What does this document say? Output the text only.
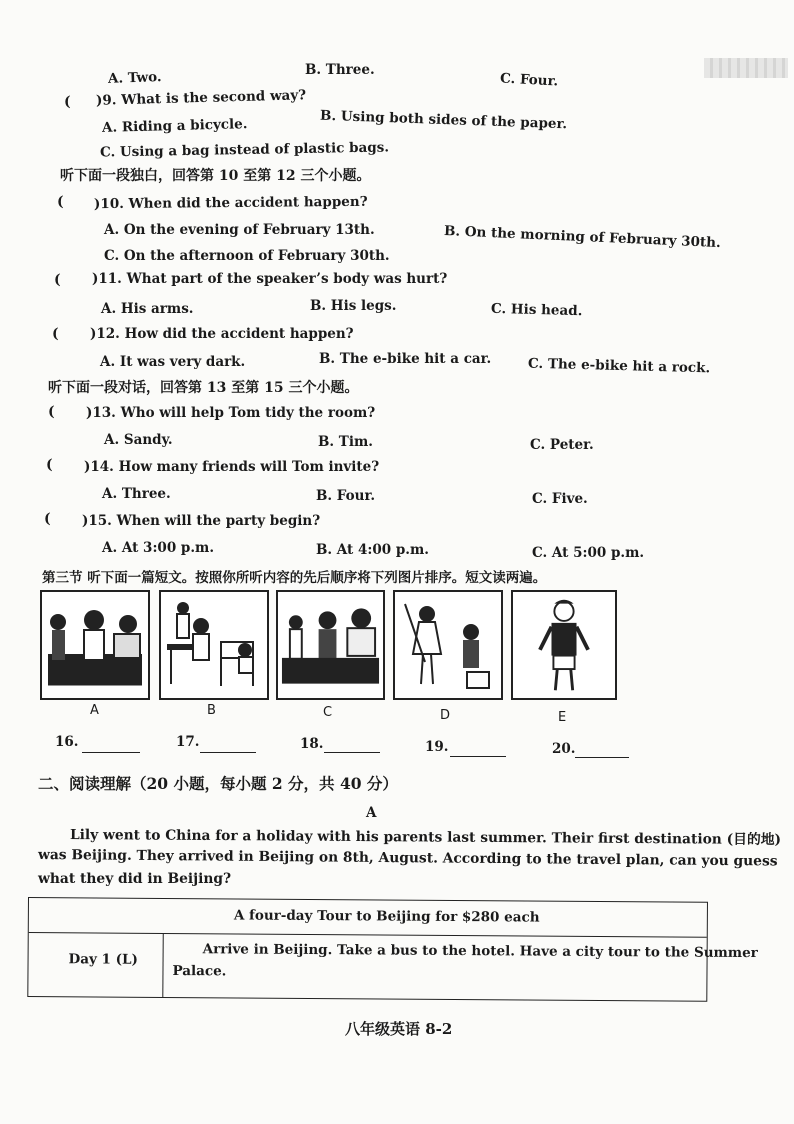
A. Two.	B. Three.
C. Four.
( )9. What is the second way?
A. Riding a bicycle.	B. Using both sides of the paper.
C. Using a bag instead of plastic bags.
听下面一段独白，回答第 10 至第 12 三个小题。
( )10. When did the accident happen?
A. On the evening of February 13th.	B. On the morning of February 30th.
C. On the afternoon of February 30th.
( )11. What part of the speaker’s body was hurt?
A. His arms.	B. His legs.	C. His head.
( )12. How did the accident happen?
A. It was very dark.	B. The e-bike hit a car.	C. The e-bike hit a rock.
听下面一段对话，回答第 13 至第 15 三个小题。
( )13. Who will help Tom tidy the room?
A. Sandy.	B. Tim.	C. Peter.
( )14. How many friends will Tom invite?
A. Three.	B. Four.	C. Five.
( )15. When will the party begin?
A. At 3:00 p.m.	B. At 4:00 p.m.	C. At 5:00 p.m.
第三节 听下面一篇短文。按照你所听内容的先后顺序将下列图片排序。短文读两遍。
A	B	C	D	E
16.	17.	18.	19.	20.
二、阅读理解（20 小题，每小题 2 分，共 40 分）
A
Lily went to China for a holiday with his parents last summer. Their first destination (目的地)
was Beijing. They arrived in Beijing on 8th, August. According to the travel plan, can you guess
what they did in Beijing?
A four-day Tour to Beijing for $280 each
Day 1 (L)	Arrive in Beijing. Take a bus to the hotel. Have a city tour to the Summer
Palace.
八年级英语 8-2
